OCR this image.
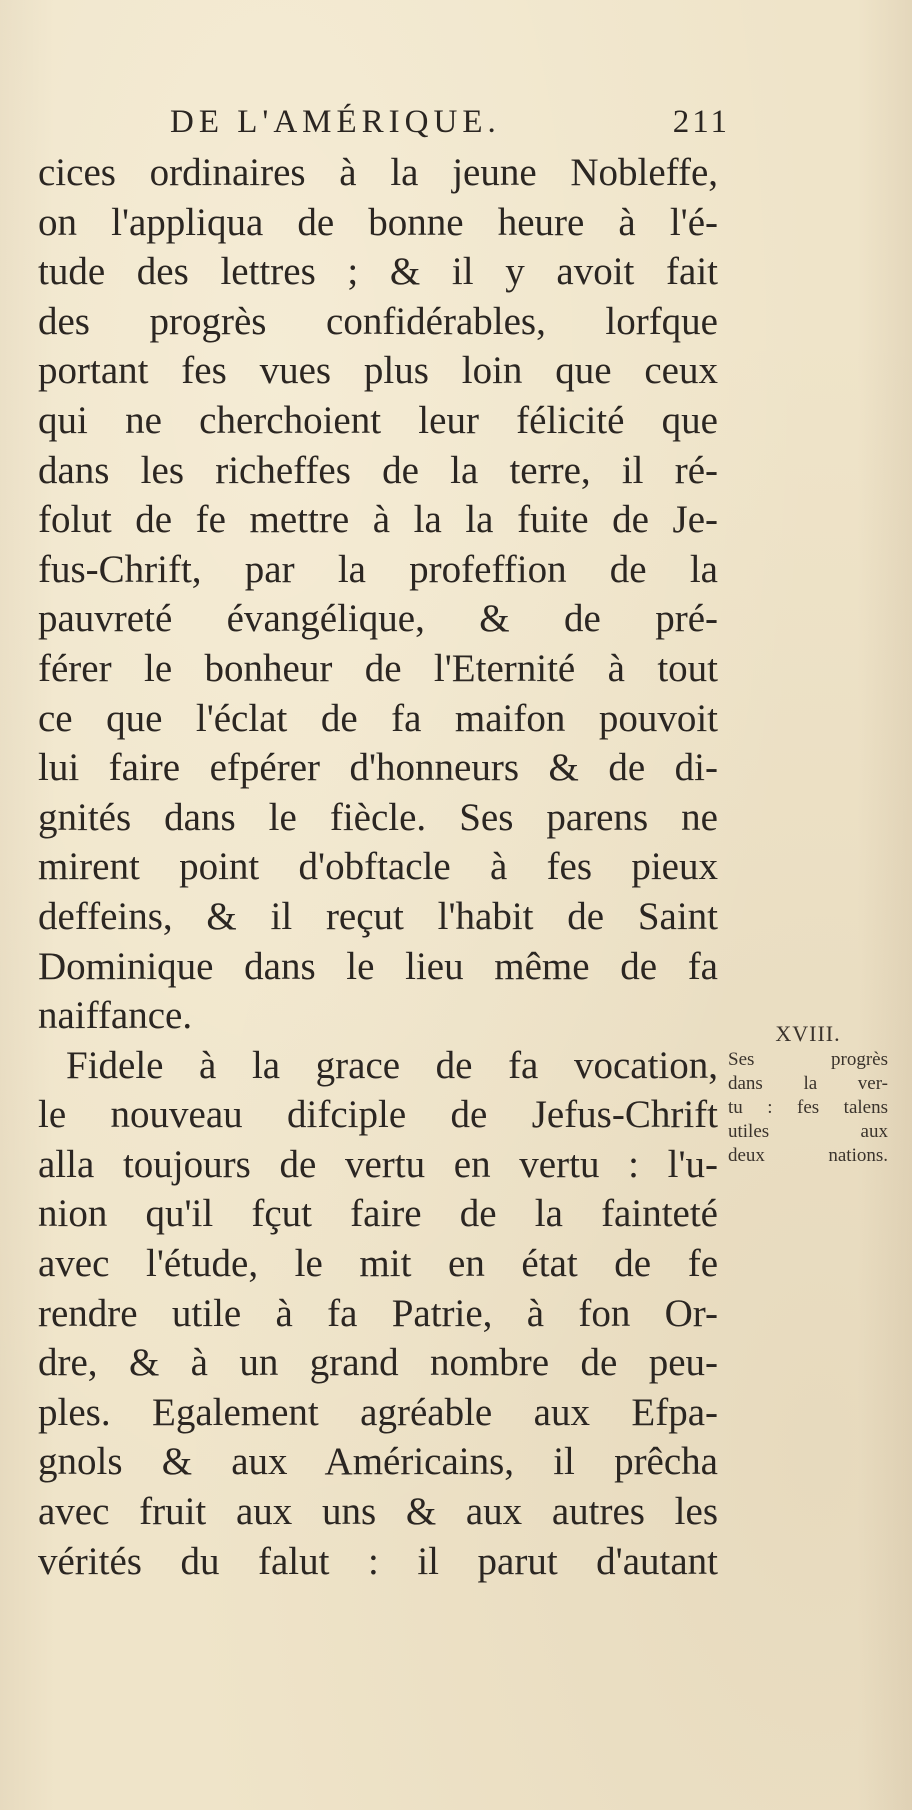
DE L'AMÉRIQUE.	211
cices ordinaires à la jeune Nobleffe,
on l'appliqua de bonne heure à l'é-
tude des lettres ; & il y avoit fait
des progrès confidérables, lorfque
portant fes vues plus loin que ceux
qui ne cherchoient leur félicité que
dans les richeffes de la terre, il ré-
folut de fe mettre à la la fuite de Je-
fus-Chrift, par la profeffion de la
pauvreté évangélique, & de pré-
férer le bonheur de l'Eternité à tout
ce que l'éclat de fa maifon pouvoit
lui faire efpérer d'honneurs & de di-
gnités dans le fiècle. Ses parens ne
mirent point d'obftacle à fes pieux
deffeins, & il reçut l'habit de Saint
Dominique dans le lieu même de fa
naiffance.
Fidele à la grace de fa vocation,
le nouveau difciple de Jefus-Chrift
alla toujours de vertu en vertu : l'u-
nion qu'il fçut faire de la fainteté
avec l'étude, le mit en état de fe
rendre utile à fa Patrie, à fon Or-
dre, & à un grand nombre de peu-
ples. Egalement agréable aux Efpa-
gnols & aux Américains, il prêcha
avec fruit aux uns & aux autres les
vérités du falut : il parut d'autant
XVIII.
Ses progrès
dans la ver-
tu : fes talens
utiles aux
deux nations.
